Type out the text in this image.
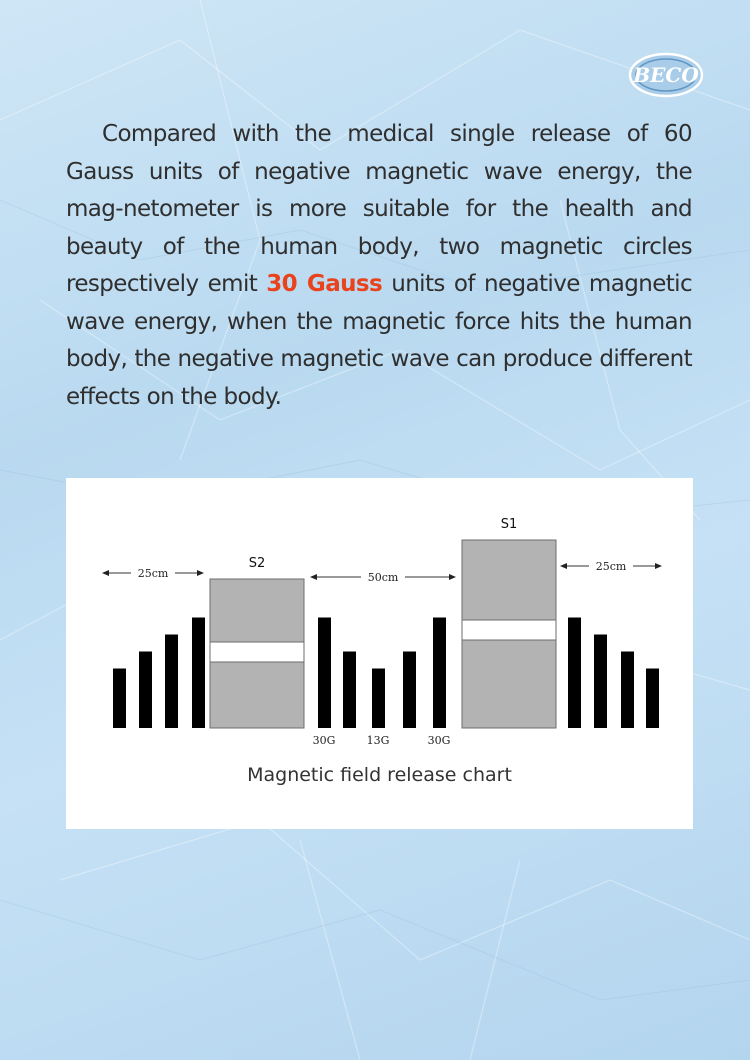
BECO

Compared with the medical single release of 60 Gauss units of negative magnetic wave energy, the mag-netometer is more suitable for the health and beauty of the human body, two magnetic circles respectively emit 30 Gauss units of negative magnetic wave energy, when the magnetic force hits the human body, the negative magnetic wave can produce different effects on the body.

S2
S1
25cm	50cm
25cm
30G	13G	30G
Magnetic field release chart
